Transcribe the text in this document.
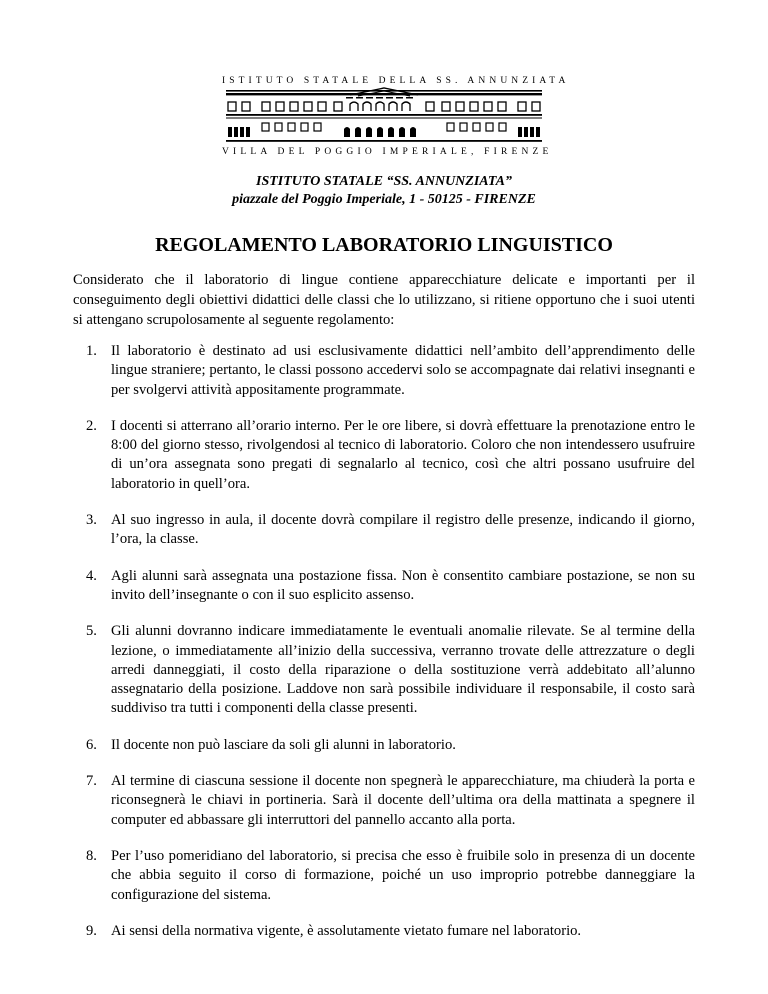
ISTITUTO STATALE DELLA SS. ANNUNZIATA
VILLA DEL POGGIO IMPERIALE, FIRENZE
ISTITUTO STATALE “SS. ANNUNZIATA”
piazzale del Poggio Imperiale, 1 - 50125 - FIRENZE
REGOLAMENTO LABORATORIO LINGUISTICO
Considerato che il laboratorio di lingue contiene apparecchiature delicate e importanti per il conseguimento degli obiettivi didattici delle classi che lo utilizzano, si ritiene opportuno che i suoi utenti si attengano scrupolosamente al seguente regolamento:
1. Il laboratorio è destinato ad usi esclusivamente didattici nell’ambito dell’apprendimento delle lingue straniere; pertanto, le classi possono accedervi solo se accompagnate dai relativi insegnanti e per svolgervi attività appositamente programmate.
2. I docenti si atterrano all’orario interno. Per le ore libere, si dovrà effettuare la prenotazione entro le 8:00 del giorno stesso, rivolgendosi al tecnico di laboratorio. Coloro che non intendessero usufruire di un’ora assegnata sono pregati di segnalarlo al tecnico, così che altri possano usufruire del laboratorio in quell’ora.
3. Al suo ingresso in aula, il docente dovrà compilare il registro delle presenze, indicando il giorno, l’ora, la classe.
4. Agli alunni sarà assegnata una postazione fissa. Non è consentito cambiare postazione, se non su invito dell’insegnante o con il suo esplicito assenso.
5. Gli alunni dovranno indicare immediatamente le eventuali anomalie rilevate. Se al termine della lezione, o immediatamente all’inizio della successiva, verranno trovate delle attrezzature o degli arredi danneggiati, il costo della riparazione o della sostituzione verrà addebitato all’alunno assegnatario della posizione. Laddove non sarà possibile individuare il responsabile, il costo sarà suddiviso tra tutti i componenti della classe presenti.
6. Il docente non può lasciare da soli gli alunni in laboratorio.
7. Al termine di ciascuna sessione il docente non spegnerà le apparecchiature, ma chiuderà la porta e riconsegnerà le chiavi in portineria. Sarà il docente dell’ultima ora della mattinata a spegnere il computer ed abbassare gli interruttori del pannello accanto alla porta.
8. Per l’uso pomeridiano del laboratorio, si precisa che esso è fruibile solo in presenza di un docente che abbia seguito il corso di formazione, poiché un uso improprio potrebbe danneggiare la configurazione del sistema.
9. Ai sensi della normativa vigente, è assolutamente vietato fumare nel laboratorio.
